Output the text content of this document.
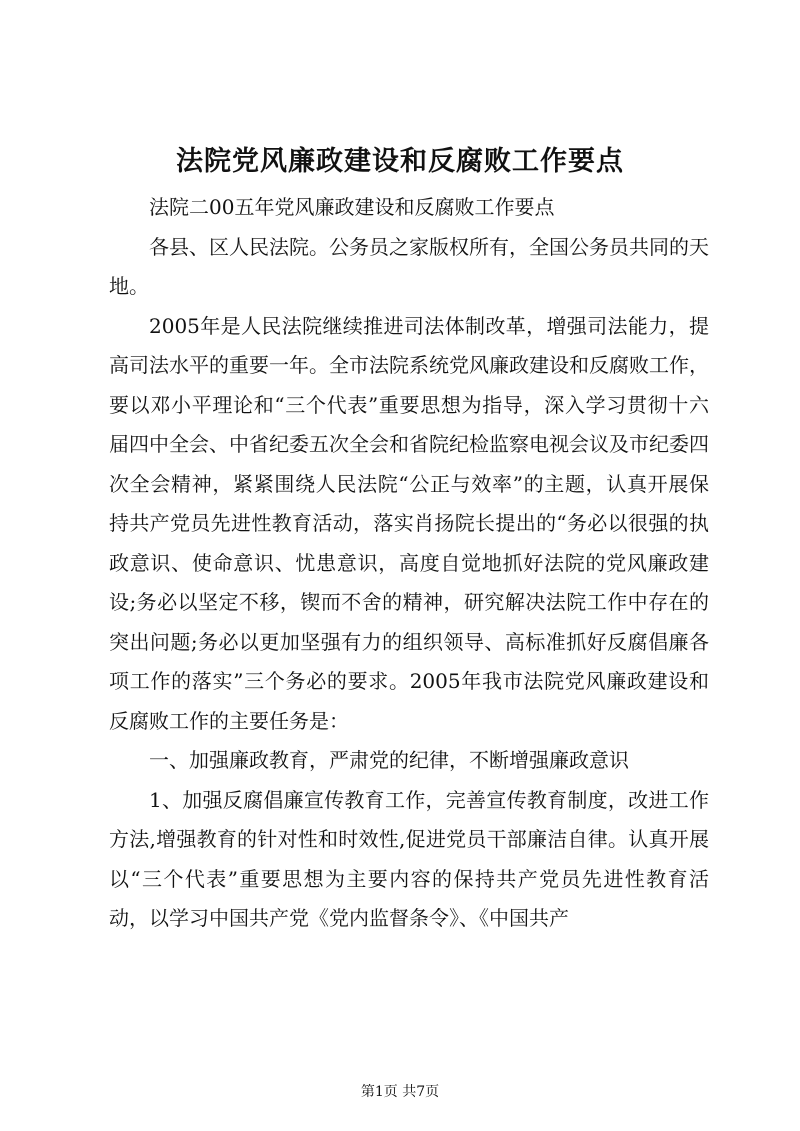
法院党风廉政建设和反腐败工作要点

法院二00五年党风廉政建设和反腐败工作要点

各县、区人民法院。公务员之家版权所有，全国公务员共同的天地。

2005年是人民法院继续推进司法体制改革，增强司法能力，提高司法水平的重要一年。全市法院系统党风廉政建设和反腐败工作，要以邓小平理论和“三个代表”重要思想为指导，深入学习贯彻十六届四中全会、中省纪委五次全会和省院纪检监察电视会议及市纪委四次全会精神，紧紧围绕人民法院“公正与效率”的主题，认真开展保持共产党员先进性教育活动，落实肖扬院长提出的“务必以很强的执政意识、使命意识、忧患意识，高度自觉地抓好法院的党风廉政建设;务必以坚定不移，锲而不舍的精神，研究解决法院工作中存在的突出问题;务必以更加坚强有力的组织领导、高标准抓好反腐倡廉各项工作的落实”三个务必的要求。2005年我市法院党风廉政建设和反腐败工作的主要任务是：

一、加强廉政教育，严肃党的纪律，不断增强廉政意识

1、加强反腐倡廉宣传教育工作，完善宣传教育制度，改进工作方法,增强教育的针对性和时效性,促进党员干部廉洁自律。认真开展以“三个代表”重要思想为主要内容的保持共产党员先进性教育活动，以学习中国共产党《党内监督条令》、《中国共产

第1页 共7页
